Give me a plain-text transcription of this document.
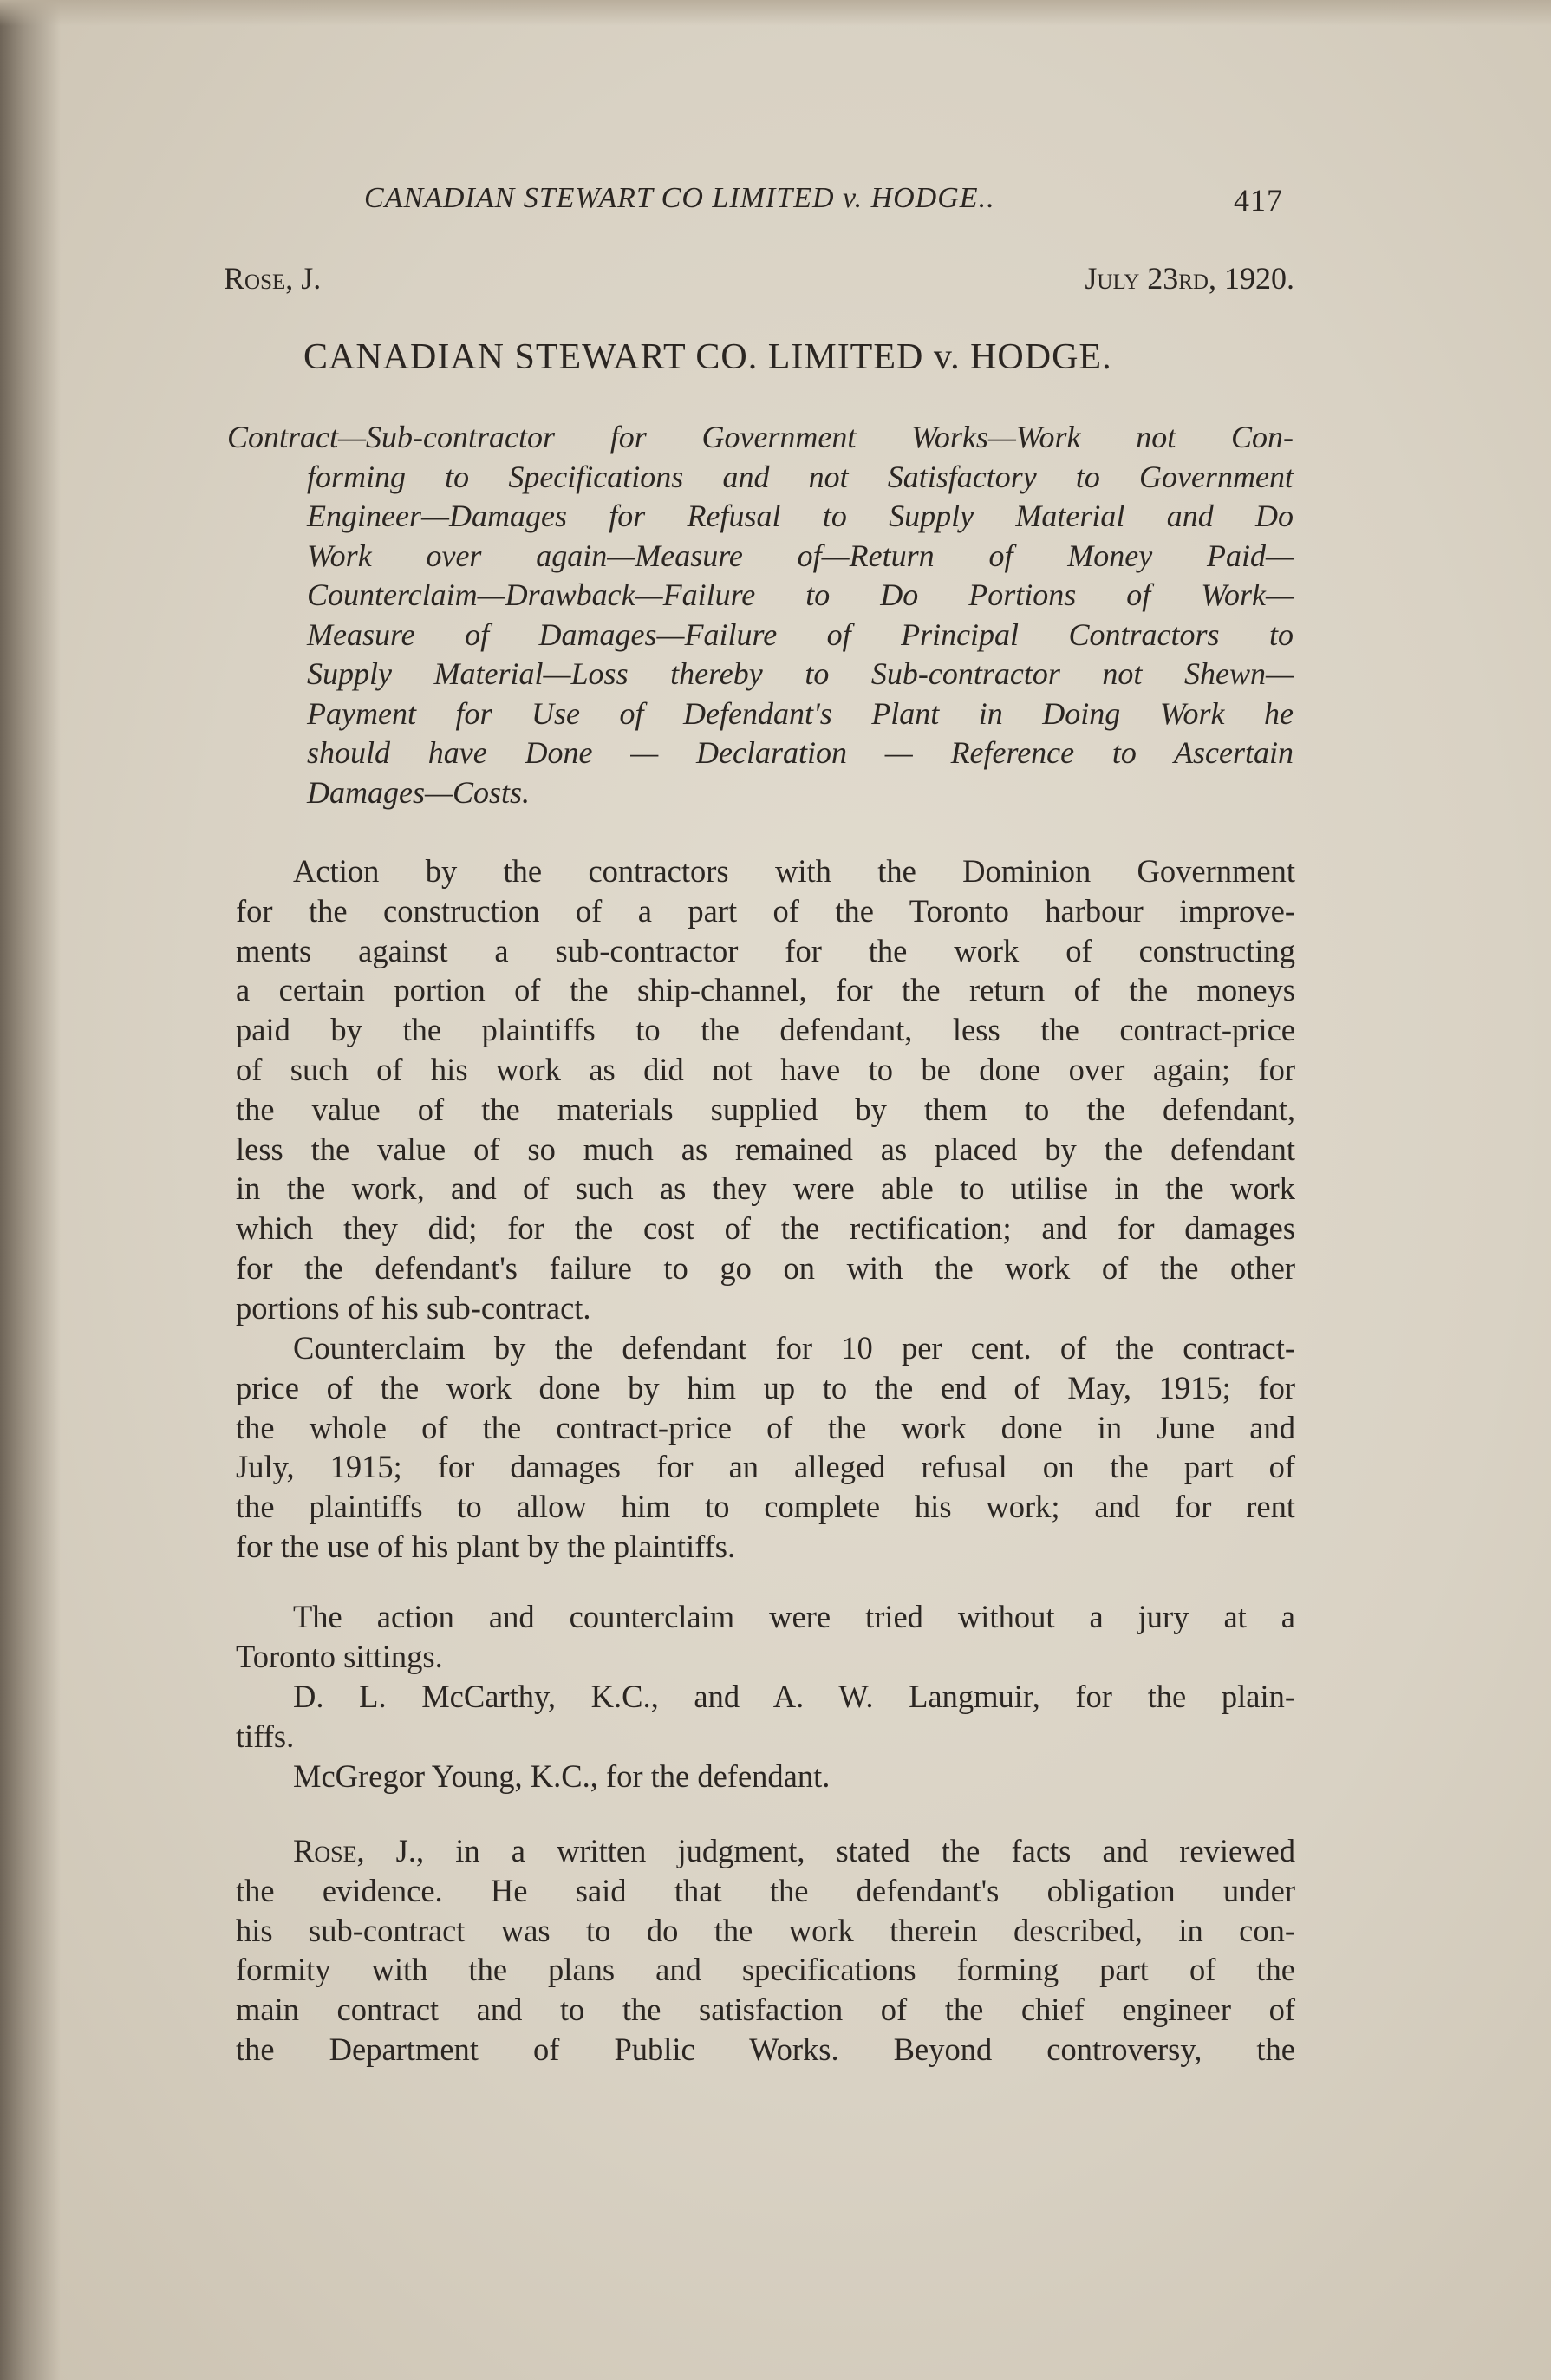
CANADIAN STEWART CO LIMITED v. HODGE..	417
Rose, J.	July 23rd, 1920.
CANADIAN STEWART CO. LIMITED v. HODGE.
Contract—Sub-contractor for Government Works—Work not Con-
forming to Specifications and not Satisfactory to Government
Engineer—Damages for Refusal to Supply Material and Do
Work over again—Measure of—Return of Money Paid—
Counterclaim—Drawback—Failure to Do Portions of Work—
Measure of Damages—Failure of Principal Contractors to
Supply Material—Loss thereby to Sub-contractor not Shewn—
Payment for Use of Defendant's Plant in Doing Work he
should have Done — Declaration — Reference to Ascertain
Damages—Costs.
Action by the contractors with the Dominion Government
for the construction of a part of the Toronto harbour improve-
ments against a sub-contractor for the work of constructing
a certain portion of the ship-channel, for the return of the moneys
paid by the plaintiffs to the defendant, less the contract-price
of such of his work as did not have to be done over again; for
the value of the materials supplied by them to the defendant,
less the value of so much as remained as placed by the defendant
in the work, and of such as they were able to utilise in the work
which they did; for the cost of the rectification; and for damages
for the defendant's failure to go on with the work of the other
portions of his sub-contract.
Counterclaim by the defendant for 10 per cent. of the contract-
price of the work done by him up to the end of May, 1915; for
the whole of the contract-price of the work done in June and
July, 1915; for damages for an alleged refusal on the part of
the plaintiffs to allow him to complete his work; and for rent
for the use of his plant by the plaintiffs.
The action and counterclaim were tried without a jury at a
Toronto sittings.
D. L. McCarthy, K.C., and A. W. Langmuir, for the plain-
tiffs.
McGregor Young, K.C., for the defendant.
Rose, J., in a written judgment, stated the facts and reviewed
the evidence. He said that the defendant's obligation under
his sub-contract was to do the work therein described, in con-
formity with the plans and specifications forming part of the
main contract and to the satisfaction of the chief engineer of
the Department of Public Works. Beyond controversy, the
